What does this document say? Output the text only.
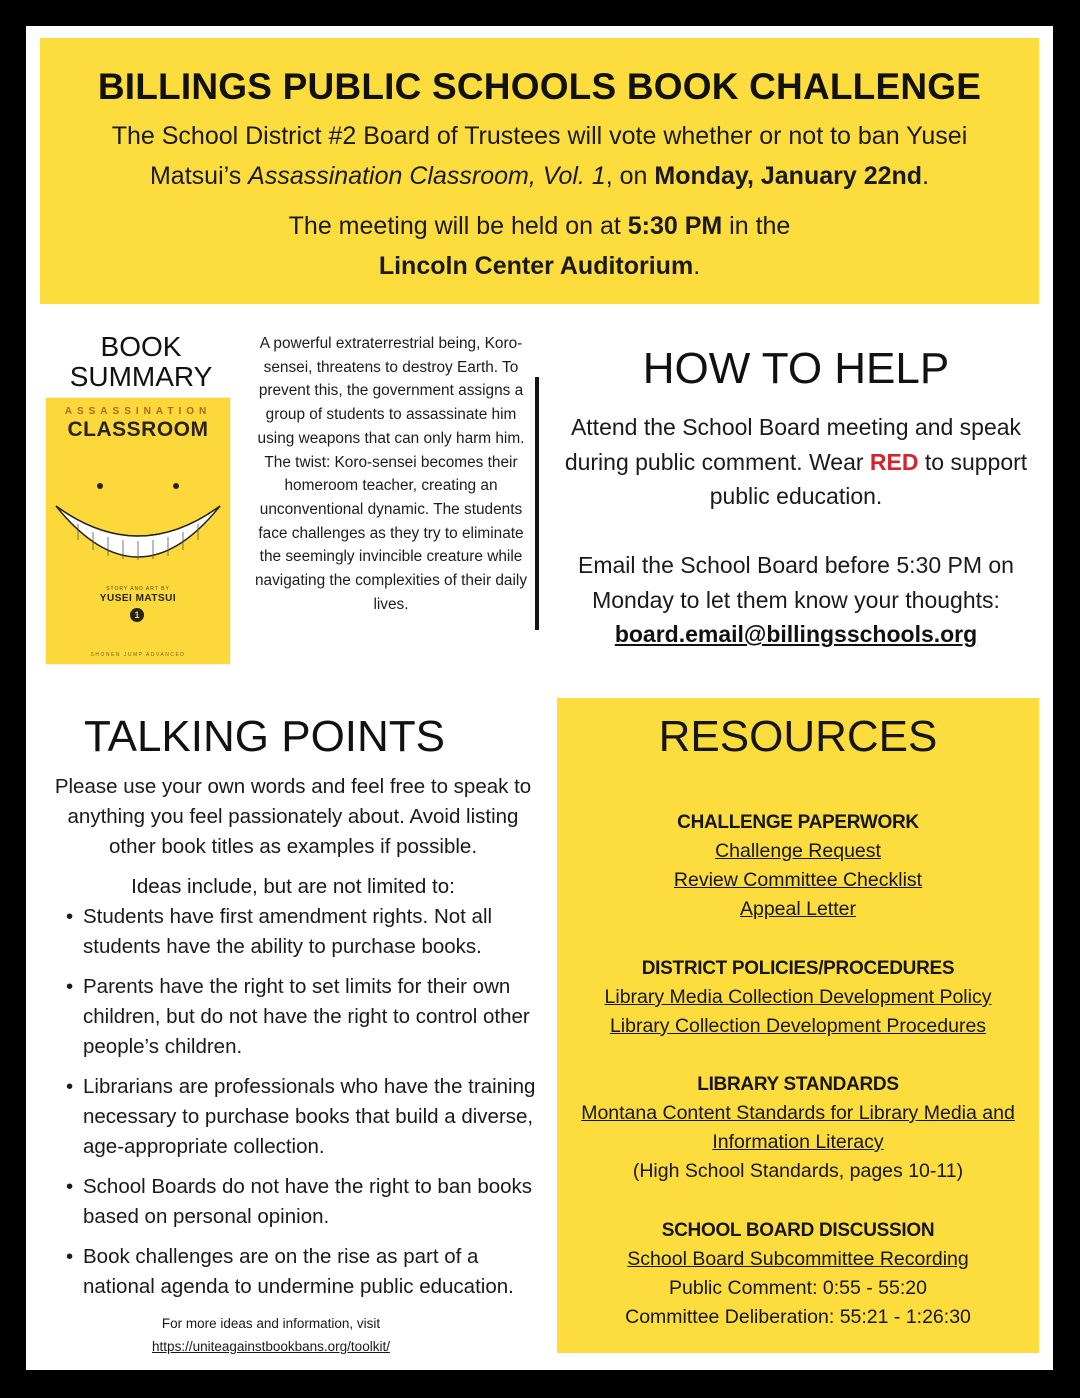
BILLINGS PUBLIC SCHOOLS BOOK CHALLENGE
The School District #2 Board of Trustees will vote whether or not to ban Yusei
Matsui’s Assassination Classroom, Vol. 1, on Monday, January 22nd.
The meeting will be held on at 5:30 PM in the
Lincoln Center Auditorium.
BOOK
SUMMARY
ASSASSINATION
CLASSROOM
STORY AND ART BY
YUSEI MATSUI
1
SHONEN JUMP ADVANCED
A powerful extraterrestrial being, Koro-sensei, threatens to destroy Earth. To prevent this, the government assigns a group of students to assassinate him using weapons that can only harm him. The twist: Koro-sensei becomes their homeroom teacher, creating an unconventional dynamic. The students face challenges as they try to eliminate the seemingly invincible creature while navigating the complexities of their daily lives.
HOW TO HELP
Attend the School Board meeting and speak during public comment. Wear RED to support public education.
Email the School Board before 5:30 PM on Monday to let them know your thoughts:
board.email@billingsschools.org
TALKING POINTS
Please use your own words and feel free to speak to anything you feel passionately about. Avoid listing other book titles as examples if possible.
Ideas include, but are not limited to:
• Students have first amendment rights. Not all students have the ability to purchase books.
• Parents have the right to set limits for their own children, but do not have the right to control other people’s children.
• Librarians are professionals who have the training necessary to purchase books that build a diverse, age-appropriate collection.
• School Boards do not have the right to ban books based on personal opinion.
• Book challenges are on the rise as part of a national agenda to undermine public education.
For more ideas and information, visit
https://uniteagainstbookbans.org/toolkit/
RESOURCES
CHALLENGE PAPERWORK
Challenge Request
Review Committee Checklist
Appeal Letter
DISTRICT POLICIES/PROCEDURES
Library Media Collection Development Policy
Library Collection Development Procedures
LIBRARY STANDARDS
Montana Content Standards for Library Media and Information Literacy
(High School Standards, pages 10-11)
SCHOOL BOARD DISCUSSION
School Board Subcommittee Recording
Public Comment: 0:55 - 55:20
Committee Deliberation: 55:21 - 1:26:30
